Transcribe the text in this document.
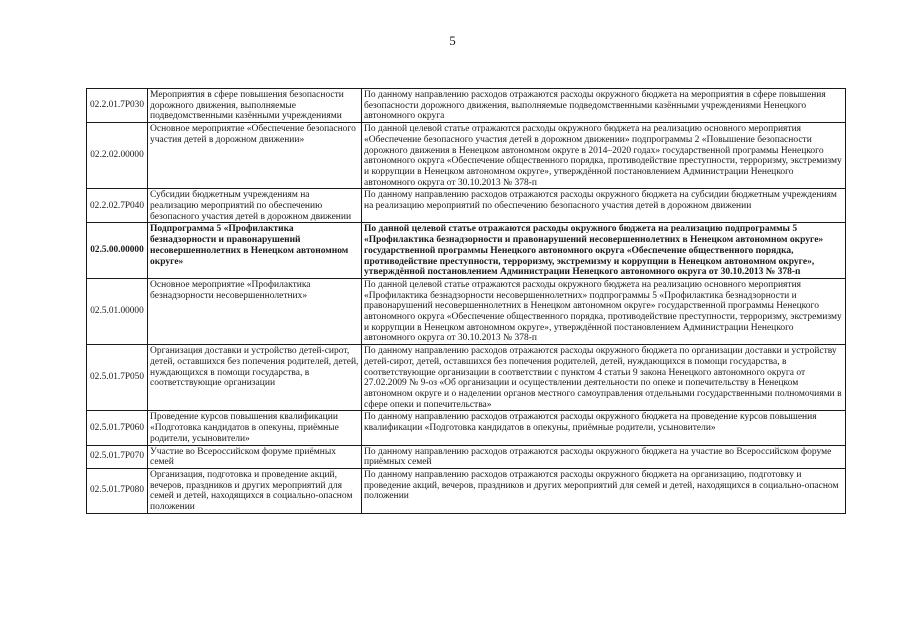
5
02.2.01.7Р030	Мероприятия в сфере повышения безопасности дорожного движения, выполняемые подведомственными казёнными учреждениями	По данному направлению расходов отражаются расходы окружного бюджета на мероприятия в сфере повышения безопасности дорожного движения, выполняемые подведомственными казёнными учреждениями Ненецкого автономного округа
02.2.02.00000	Основное мероприятие «Обеспечение безопасного участия детей в дорожном движении»	По данной целевой статье отражаются расходы окружного бюджета на реализацию основного мероприятия «Обеспечение безопасного участия детей в дорожном движении» подпрограммы 2 «Повышение безопасности дорожного движения в Ненецком автономном округе в 2014–2020 годах» государственной программы Ненецкого автономного округа «Обеспечение общественного порядка, противодействие преступности, терроризму, экстремизму и коррупции в Ненецком автономном округе», утверждённой постановлением Администрации Ненецкого автономного округа от 30.10.2013 № 378-п
02.2.02.7Р040	Субсидии бюджетным учреждениям на реализацию мероприятий по обеспечению безопасного участия детей в дорожном движении	По данному направлению расходов отражаются расходы окружного бюджета на субсидии бюджетным учреждениям на реализацию мероприятий по обеспечению безопасного участия детей в дорожном движении
02.5.00.00000	Подпрограмма 5 «Профилактика безнадзорности и правонарушений несовершеннолетних в Ненецком автономном округе»	По данной целевой статье отражаются расходы окружного бюджета на реализацию подпрограммы 5 «Профилактика безнадзорности и правонарушений несовершеннолетних в Ненецком автономном округе» государственной программы Ненецкого автономного округа «Обеспечение общественного порядка, противодействие преступности, терроризму, экстремизму и коррупции в Ненецком автономном округе», утверждённой постановлением Администрации Ненецкого автономного округа от 30.10.2013 № 378-п
02.5.01.00000	Основное мероприятие «Профилактика безнадзорности несовершеннолетних»	По данной целевой статье отражаются расходы окружного бюджета на реализацию основного мероприятия «Профилактика безнадзорности несовершеннолетних» подпрограммы 5 «Профилактика безнадзорности и правонарушений несовершеннолетних в Ненецком автономном округе» государственной программы Ненецкого автономного округа «Обеспечение общественного порядка, противодействие преступности, терроризму, экстремизму и коррупции в Ненецком автономном округе», утверждённой постановлением Администрации Ненецкого автономного округа от 30.10.2013 № 378-п
02.5.01.7Р050	Организация доставки и устройство детей-сирот, детей, оставшихся без попечения родителей, детей, нуждающихся в помощи государства, в соответствующие организации	По данному направлению расходов отражаются расходы окружного бюджета по организации доставки и устройству детей-сирот, детей, оставшихся без попечения родителей, детей, нуждающихся в помощи государства, в соответствующие организации в соответствии с пунктом 4 статьи 9 закона Ненецкого автономного округа от 27.02.2009 № 9-оз «Об организации и осуществлении деятельности по опеке и попечительству в Ненецком автономном округе и о наделении органов местного самоуправления отдельными государственными полномочиями в сфере опеки и попечительства»
02.5.01.7Р060	Проведение курсов повышения квалификации «Подготовка кандидатов в опекуны, приёмные родители, усыновители»	По данному направлению расходов отражаются расходы окружного бюджета на проведение курсов повышения квалификации «Подготовка кандидатов в опекуны, приёмные родители, усыновители»
02.5.01.7Р070	Участие во Всероссийском форуме приёмных семей	По данному направлению расходов отражаются расходы окружного бюджета на участие во Всероссийском форуме приёмных семей
02.5.01.7Р080	Организация, подготовка и проведение акций, вечеров, праздников и других мероприятий для семей и детей, находящихся в социально-опасном положении	По данному направлению расходов отражаются расходы окружного бюджета на организацию, подготовку и проведение акций, вечеров, праздников и других мероприятий для семей и детей, находящихся в социально-опасном положении
